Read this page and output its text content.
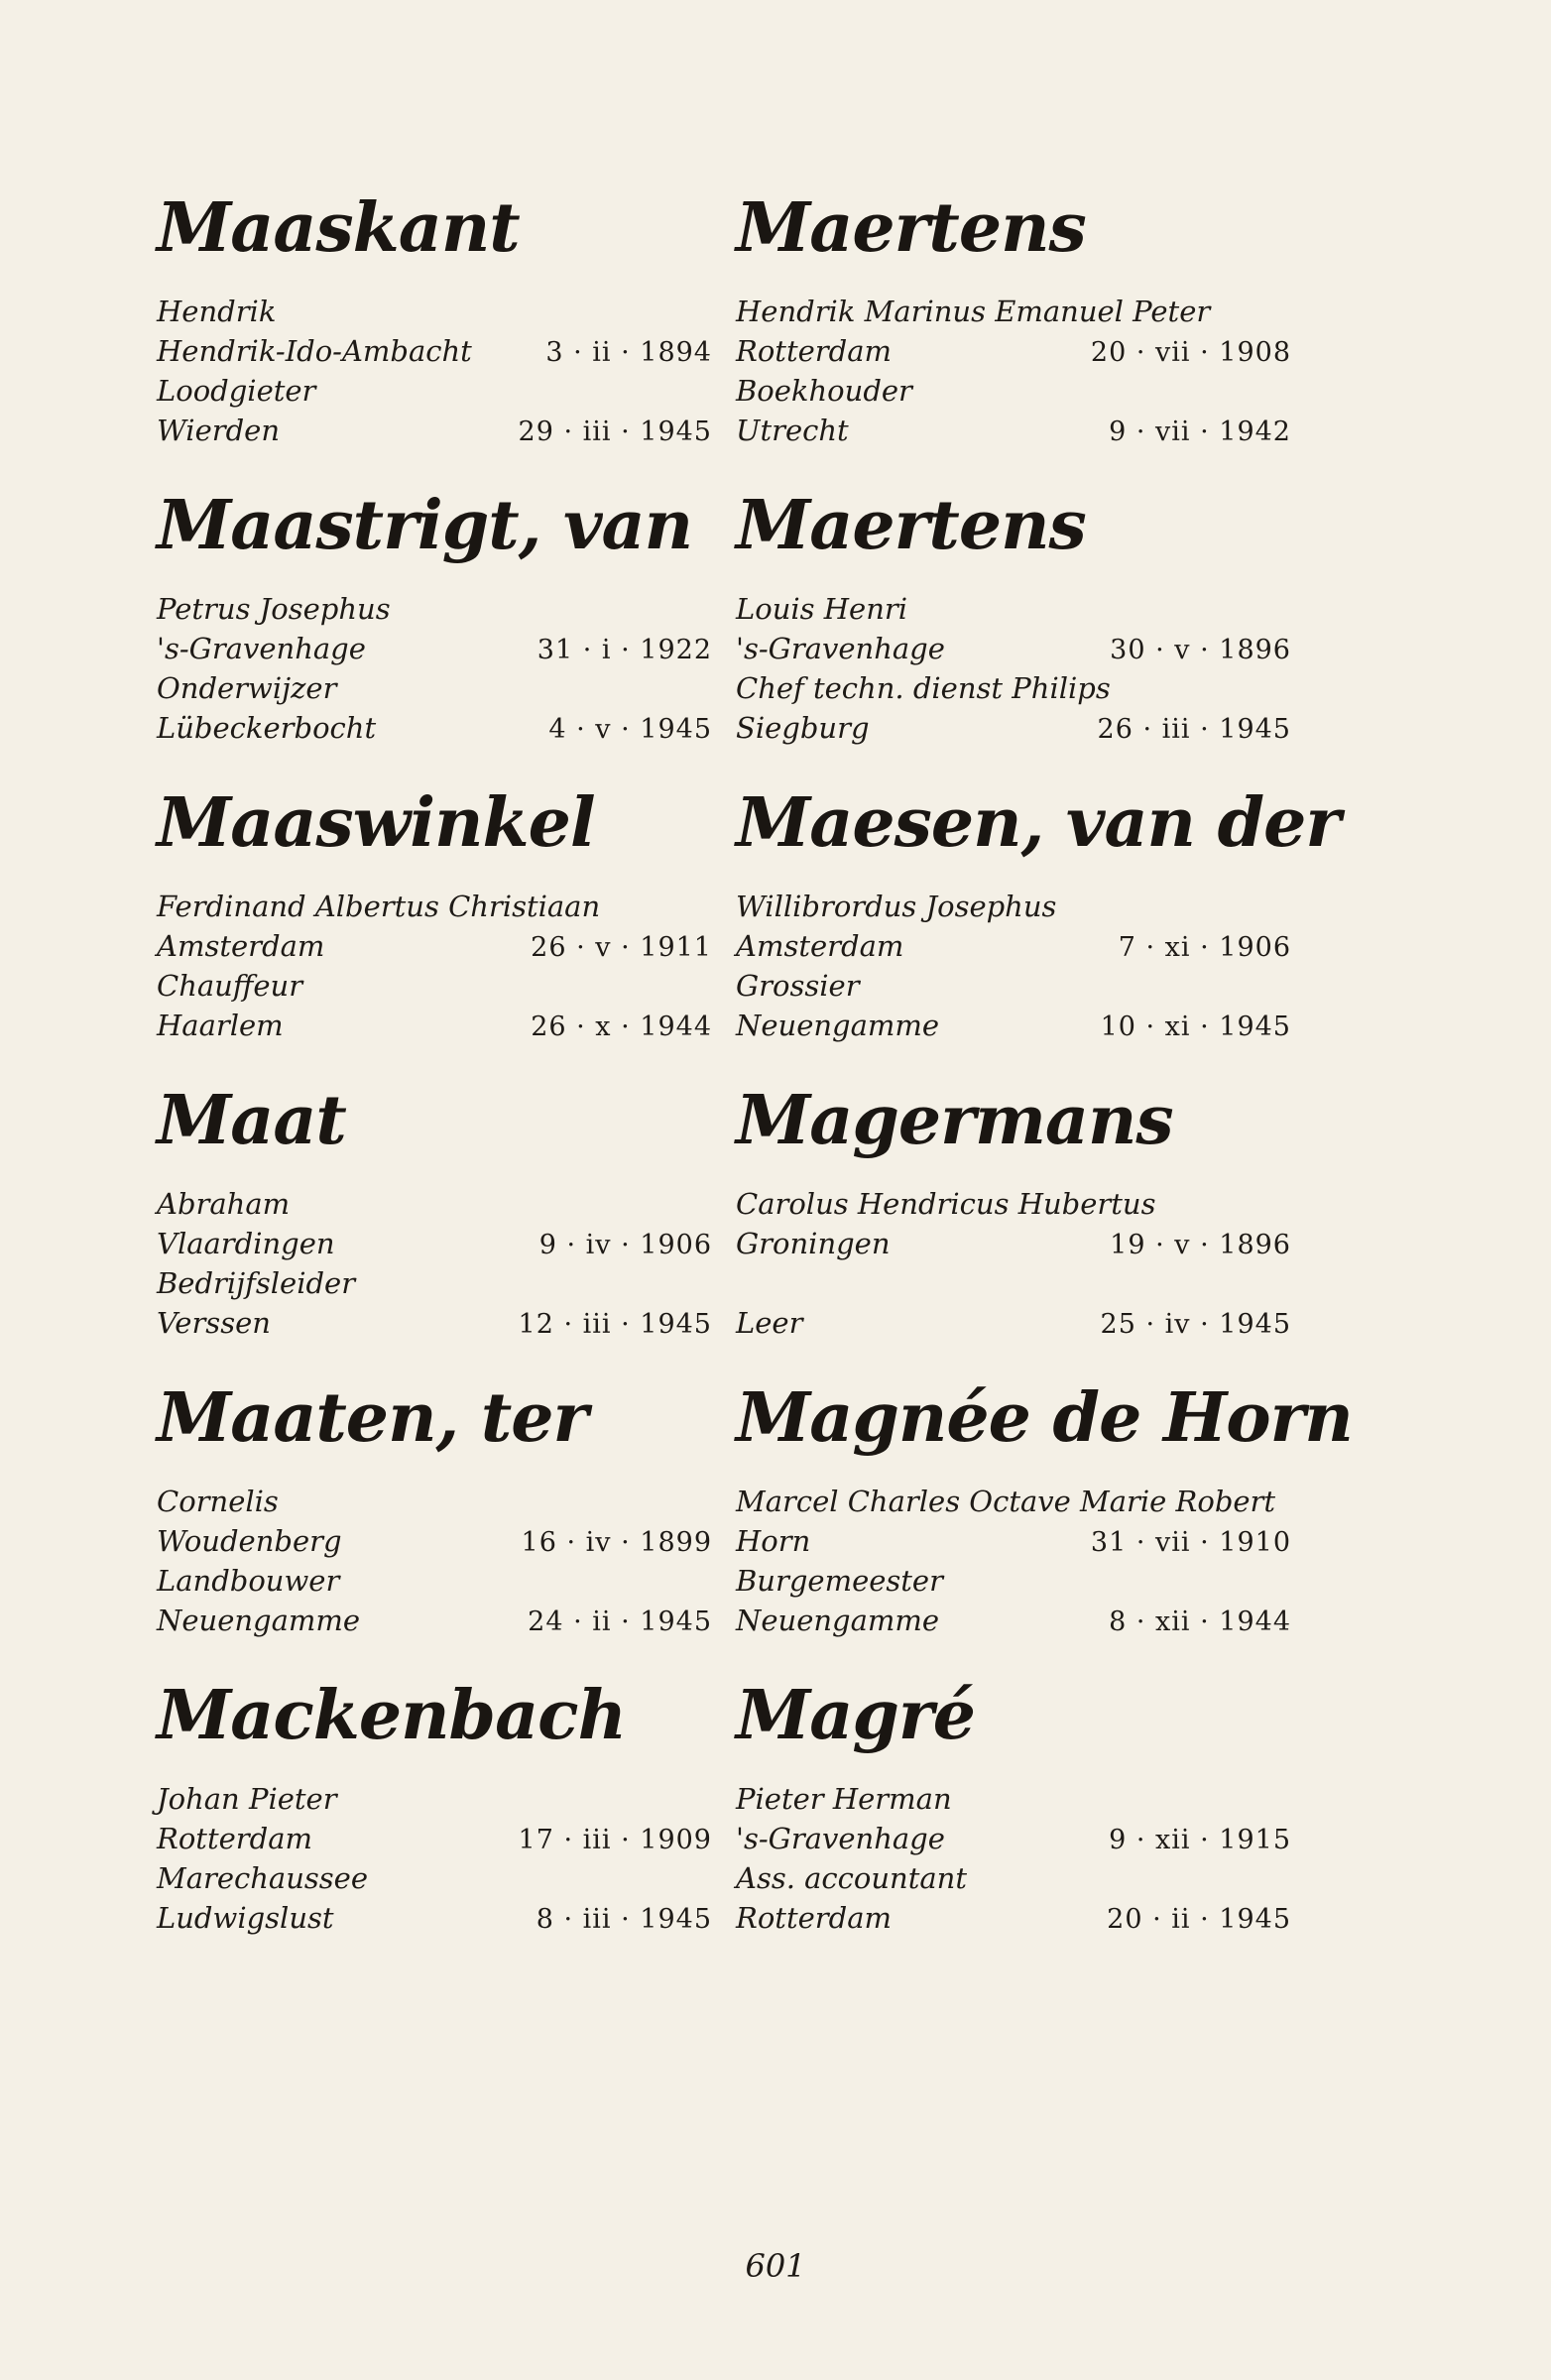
Maaskant
Hendrik
Hendrik-Ido-Ambacht	3 · ii · 1894
Loodgieter
Wierden	29 · iii · 1945
Maastrigt, van
Petrus Josephus
's-Gravenhage	31 · i · 1922
Onderwijzer
Lübeckerbocht	4 · v · 1945
Maaswinkel
Ferdinand Albertus Christiaan
Amsterdam	26 · v · 1911
Chauffeur
Haarlem	26 · x · 1944
Maat
Abraham
Vlaardingen	9 · iv · 1906
Bedrijfsleider
Verssen	12 · iii · 1945
Maaten, ter
Cornelis
Woudenberg	16 · iv · 1899
Landbouwer
Neuengamme	24 · ii · 1945
Mackenbach
Johan Pieter
Rotterdam	17 · iii · 1909
Marechaussee
Ludwigslust	8 · iii · 1945
Maertens
Hendrik Marinus Emanuel Peter
Rotterdam	20 · vii · 1908
Boekhouder
Utrecht	9 · vii · 1942
Maertens
Louis Henri
's-Gravenhage	30 · v · 1896
Chef techn. dienst Philips
Siegburg	26 · iii · 1945
Maesen, van der
Willibrordus Josephus
Amsterdam	7 · xi · 1906
Grossier
Neuengamme	10 · xi · 1945
Magermans
Carolus Hendricus Hubertus
Groningen	19 · v · 1896
Leer	25 · iv · 1945
Magnée de Horn
Marcel Charles Octave Marie Robert
Horn	31 · vii · 1910
Burgemeester
Neuengamme	8 · xii · 1944
Magré
Pieter Herman
's-Gravenhage	9 · xii · 1915
Ass. accountant
Rotterdam	20 · ii · 1945
601
